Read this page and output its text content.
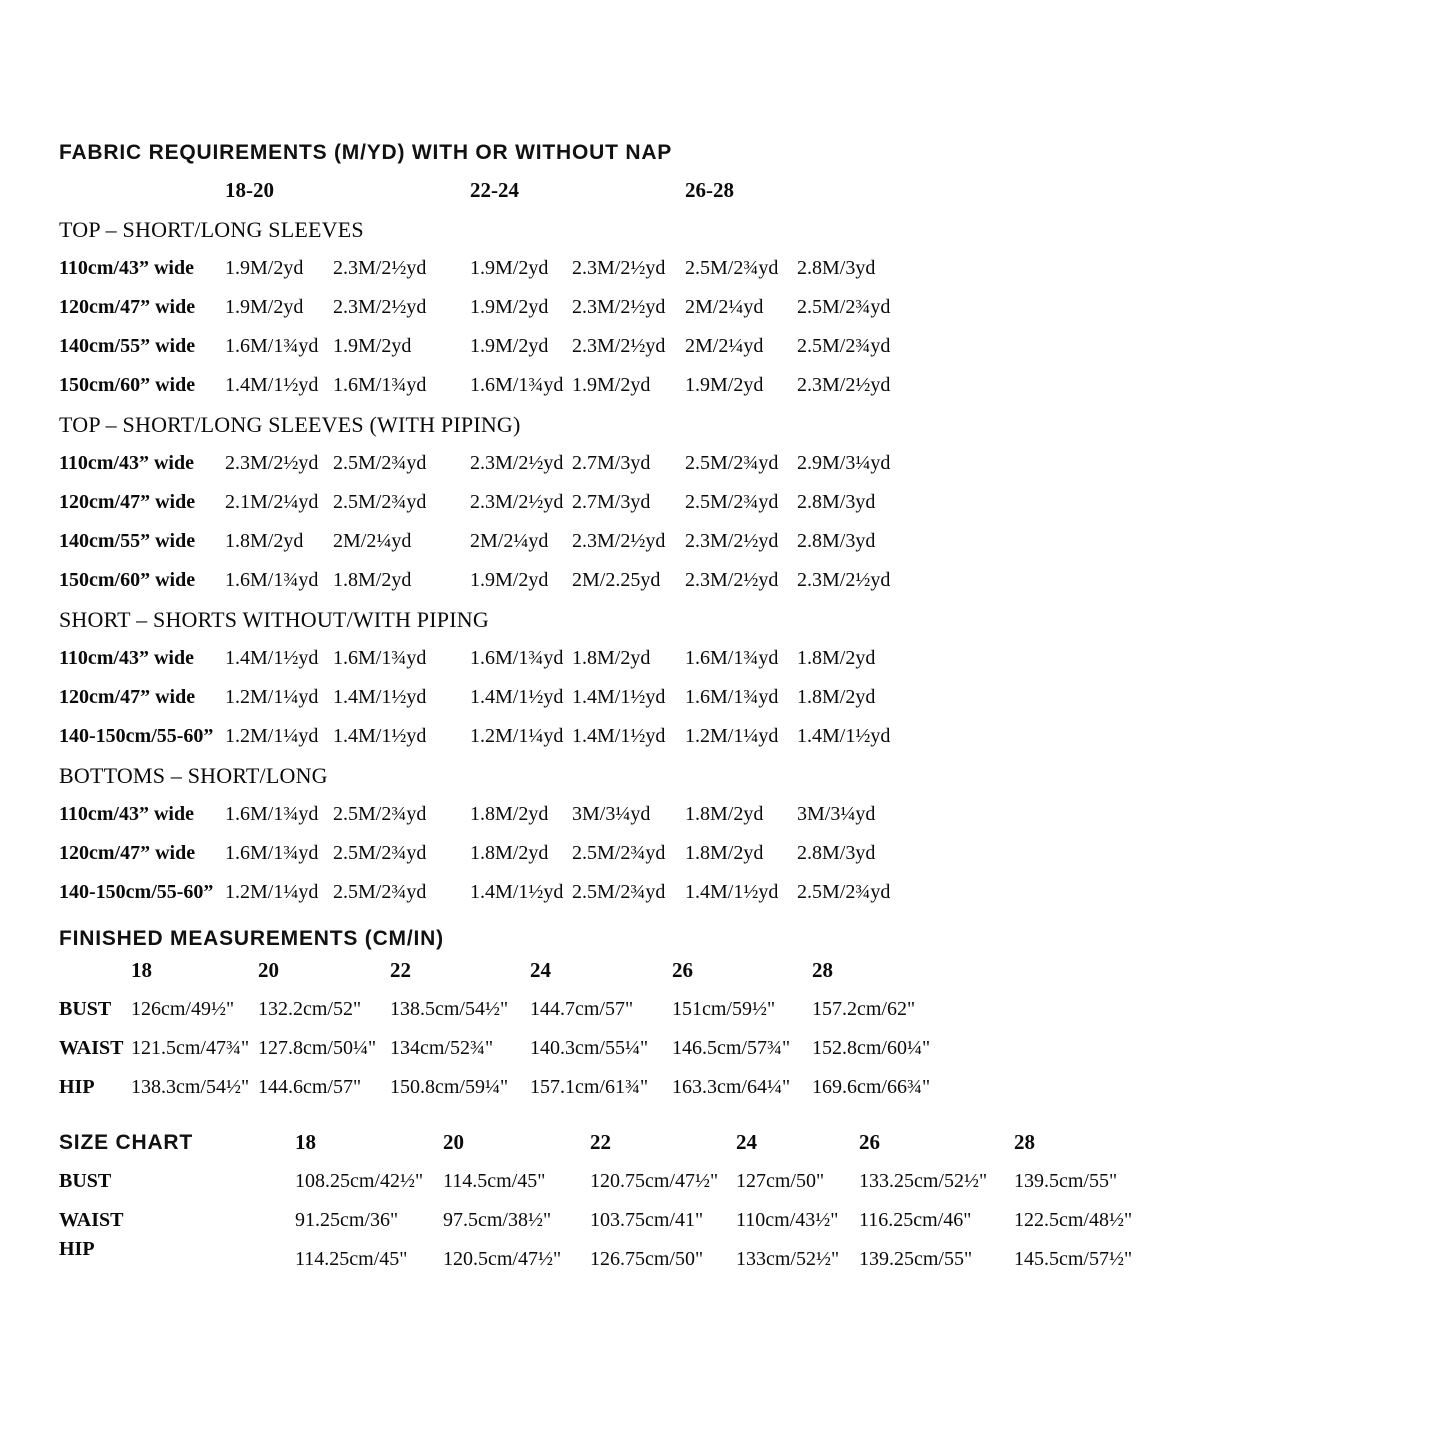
FABRIC REQUIREMENTS (M/YD) WITH OR WITHOUT NAP
18-20	22-24	26-28
TOP – SHORT/LONG SLEEVES
110cm/43” wide	1.9M/2yd	2.3M/2½yd	1.9M/2yd	2.3M/2½yd 2.5M/2¾yd 2.8M/3yd
120cm/47” wide	1.9M/2yd	2.3M/2½yd	1.9M/2yd	2.3M/2½yd 2M/2¼yd	2.5M/2¾yd
140cm/55” wide	1.6M/1¾yd 1.9M/2yd	1.9M/2yd	2.3M/2½yd 2M/2¼yd	2.5M/2¾yd
150cm/60” wide	1.4M/1½yd 1.6M/1¾yd	1.6M/1¾yd 1.9M/2yd	1.9M/2yd	2.3M/2½yd
TOP – SHORT/LONG SLEEVES (WITH PIPING)
110cm/43” wide	2.3M/2½yd 2.5M/2¾yd	2.3M/2½yd 2.7M/3yd	2.5M/2¾yd 2.9M/3¼yd
120cm/47” wide	2.1M/2¼yd 2.5M/2¾yd	2.3M/2½yd 2.7M/3yd	2.5M/2¾yd 2.8M/3yd
140cm/55” wide	1.8M/2yd	2M/2¼yd	2M/2¼yd	2.3M/2½yd 2.3M/2½yd 2.8M/3yd
150cm/60” wide	1.6M/1¾yd 1.8M/2yd	1.9M/2yd	2M/2.25yd	2.3M/2½yd 2.3M/2½yd
SHORT – SHORTS WITHOUT/WITH PIPING
110cm/43” wide	1.4M/1½yd 1.6M/1¾yd	1.6M/1¾yd 1.8M/2yd	1.6M/1¾yd 1.8M/2yd
120cm/47” wide	1.2M/1¼yd 1.4M/1½yd	1.4M/1½yd 1.4M/1½yd 1.6M/1¾yd 1.8M/2yd
140-150cm/55-60” 1.2M/1¼yd 1.4M/1½yd	1.2M/1¼yd 1.4M/1½yd 1.2M/1¼yd 1.4M/1½yd
BOTTOMS – SHORT/LONG
110cm/43” wide	1.6M/1¾yd 2.5M/2¾yd	1.8M/2yd	3M/3¼yd	1.8M/2yd	3M/3¼yd
120cm/47” wide	1.6M/1¾yd 2.5M/2¾yd	1.8M/2yd	2.5M/2¾yd 1.8M/2yd	2.8M/3yd
140-150cm/55-60” 1.2M/1¼yd 2.5M/2¾yd	1.4M/1½yd 2.5M/2¾yd 1.4M/1½yd 2.5M/2¾yd
FINISHED MEASUREMENTS (CM/IN)
18	20	22	24	26	28
BUST 126cm/49½"	132.2cm/52"	138.5cm/54½"	144.7cm/57"	151cm/59½"	157.2cm/62"
WAIST 121.5cm/47¾" 127.8cm/50¼" 134cm/52¾"	140.3cm/55¼"	146.5cm/57¾"	152.8cm/60¼"
HIP	138.3cm/54½" 144.6cm/57"	150.8cm/59¼"	157.1cm/61¾"	163.3cm/64¼"	169.6cm/66¾"
SIZE CHART	18	20	22	24	26	28
BUST	108.25cm/42½" 114.5cm/45"	120.75cm/47½" 127cm/50"	133.25cm/52½"	139.5cm/55"
WAIST	91.25cm/36"	97.5cm/38½"	103.75cm/41"	110cm/43½"	116.25cm/46"	122.5cm/48½"
HIP	114.25cm/45"	120.5cm/47½"	126.75cm/50"	133cm/52½" 139.25cm/55"	145.5cm/57½"
